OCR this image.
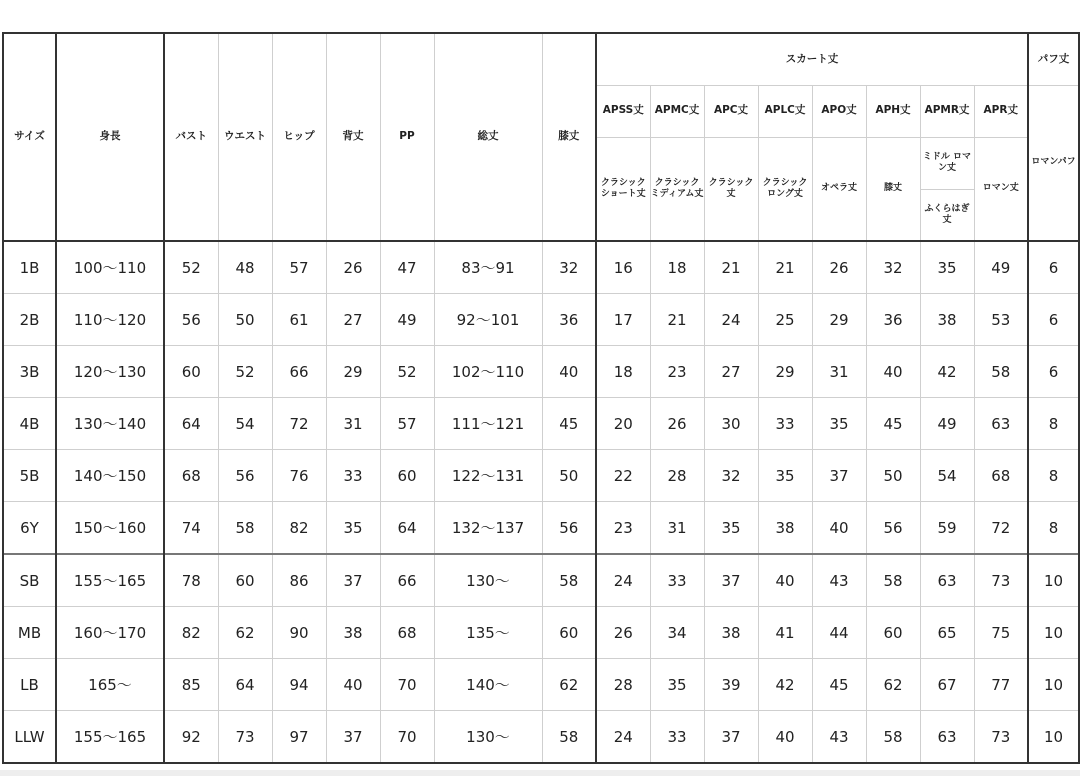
サイズ	身長	バスト	ウエスト	ヒップ	背丈	PP	総丈	膝丈	スカート丈								パフ丈
									APSS丈	APMC丈	APC丈	APLC丈	APO丈	APH丈	APMR丈	APR丈	ロマンパフ
									クラシック ショート丈	クラシック ミディアム丈	クラシック丈	クラシック ロング丈	オペラ丈	膝丈	ミドル ロマン丈	ロマン丈	
															ふくらはぎ丈		
1B	100〜110	52	48	57	26	47	83〜91	32	16	18	21	21	26	32	35	49	6
2B	110〜120	56	50	61	27	49	92〜101	36	17	21	24	25	29	36	38	53	6
3B	120〜130	60	52	66	29	52	102〜110	40	18	23	27	29	31	40	42	58	6
4B	130〜140	64	54	72	31	57	111〜121	45	20	26	30	33	35	45	49	63	8
5B	140〜150	68	56	76	33	60	122〜131	50	22	28	32	35	37	50	54	68	8
6Y	150〜160	74	58	82	35	64	132〜137	56	23	31	35	38	40	56	59	72	8
SB	155〜165	78	60	86	37	66	130〜	58	24	33	37	40	43	58	63	73	10
MB	160〜170	82	62	90	38	68	135〜	60	26	34	38	41	44	60	65	75	10
LB	165〜	85	64	94	40	70	140〜	62	28	35	39	42	45	62	67	77	10
LLW	155〜165	92	73	97	37	70	130〜	58	24	33	37	40	43	58	63	73	10
